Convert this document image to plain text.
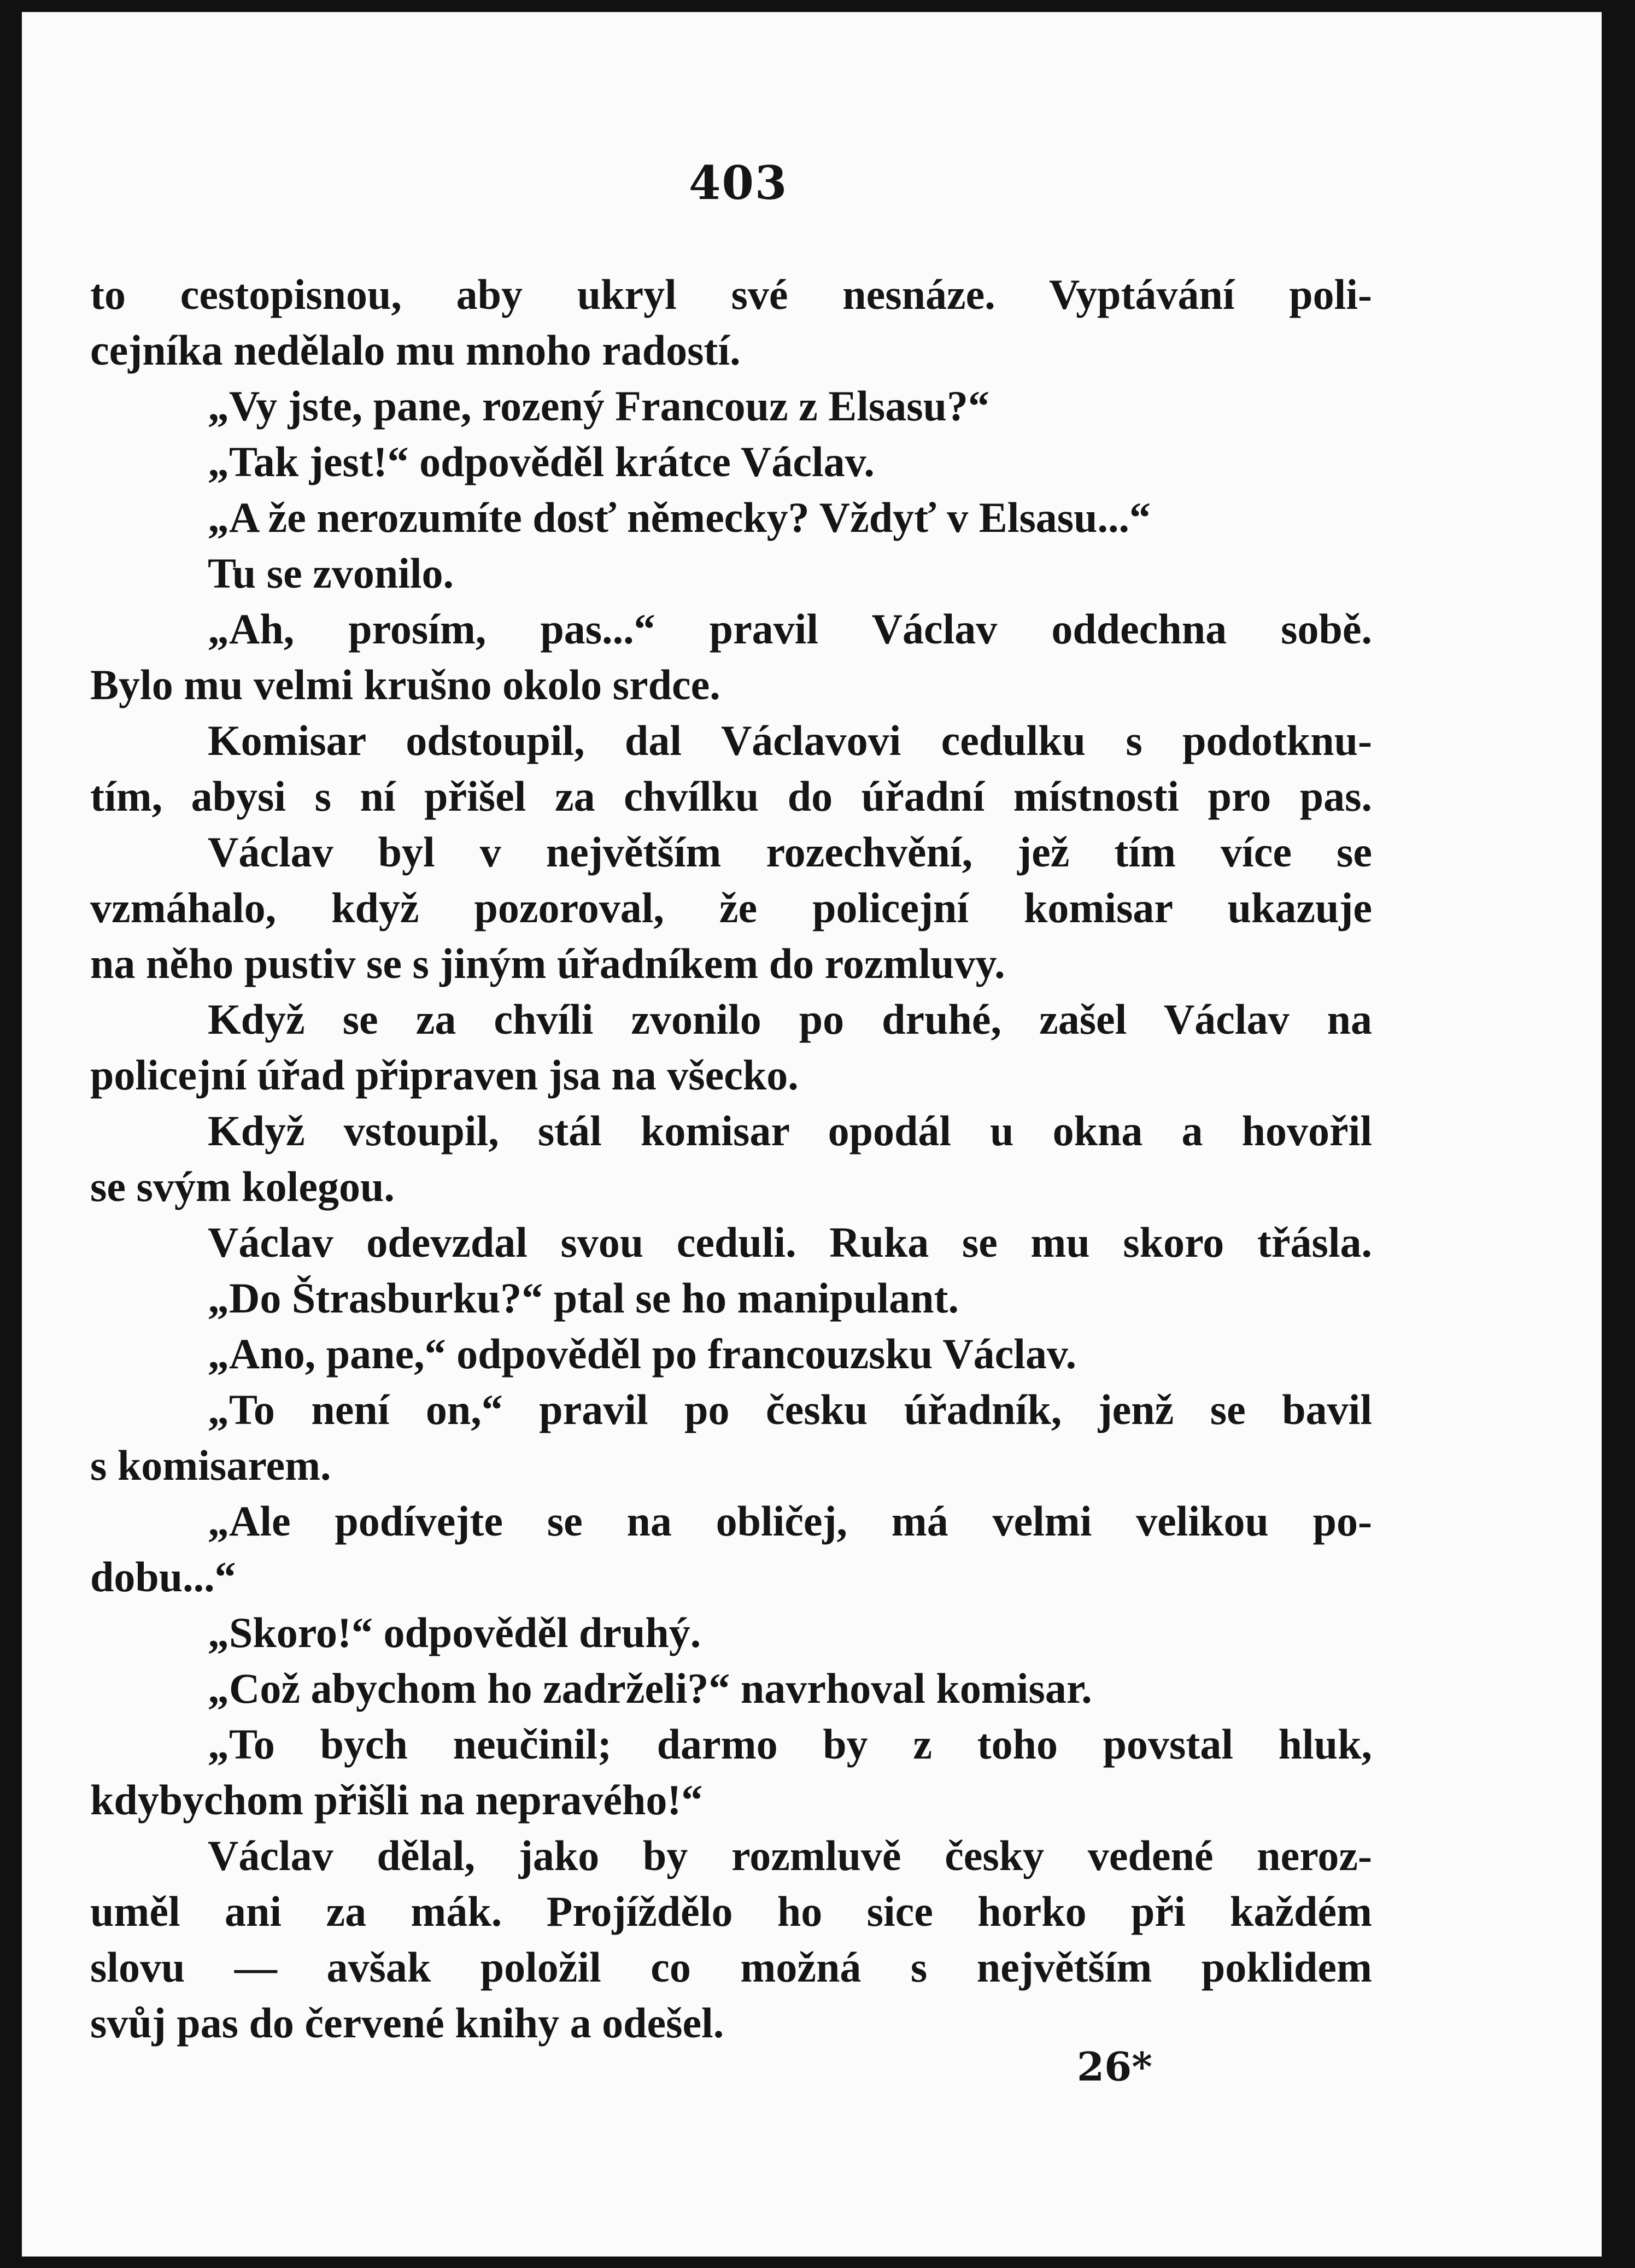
403
to cestopisnou, aby ukryl své nesnáze. Vyptávání poli-
cejníka nedělalo mu mnoho radostí.
„Vy jste, pane, rozený Francouz z Elsasu?“
„Tak jest!“ odpověděl krátce Václav.
„A že nerozumíte dosť německy? Vždyť v Elsasu...“
Tu se zvonilo.
„Ah, prosím, pas...“ pravil Václav oddechna sobě.
Bylo mu velmi krušno okolo srdce.
Komisar odstoupil, dal Václavovi cedulku s podotknu-
tím, abysi s ní přišel za chvílku do úřadní místnosti pro pas.
Václav byl v největším rozechvění, jež tím více se
vzmáhalo, když pozoroval, že policejní komisar ukazuje
na něho pustiv se s jiným úřadníkem do rozmluvy.
Když se za chvíli zvonilo po druhé, zašel Václav na
policejní úřad připraven jsa na všecko.
Když vstoupil, stál komisar opodál u okna a hovořil
se svým kolegou.
Václav odevzdal svou ceduli. Ruka se mu skoro třásla.
„Do Štrasburku?“ ptal se ho manipulant.
„Ano, pane,“ odpověděl po francouzsku Václav.
„To není on,“ pravil po česku úřadník, jenž se bavil
s komisarem.
„Ale podívejte se na obličej, má velmi velikou po-
dobu...“
„Skoro!“ odpověděl druhý.
„Což abychom ho zadrželi?“ navrhoval komisar.
„To bych neučinil; darmo by z toho povstal hluk,
kdybychom přišli na nepravého!“
Václav dělal, jako by rozmluvě česky vedené neroz-
uměl ani za mák. Projíždělo ho sice horko při každém
slovu — avšak položil co možná s největším poklidem
svůj pas do červené knihy a odešel.
26*
